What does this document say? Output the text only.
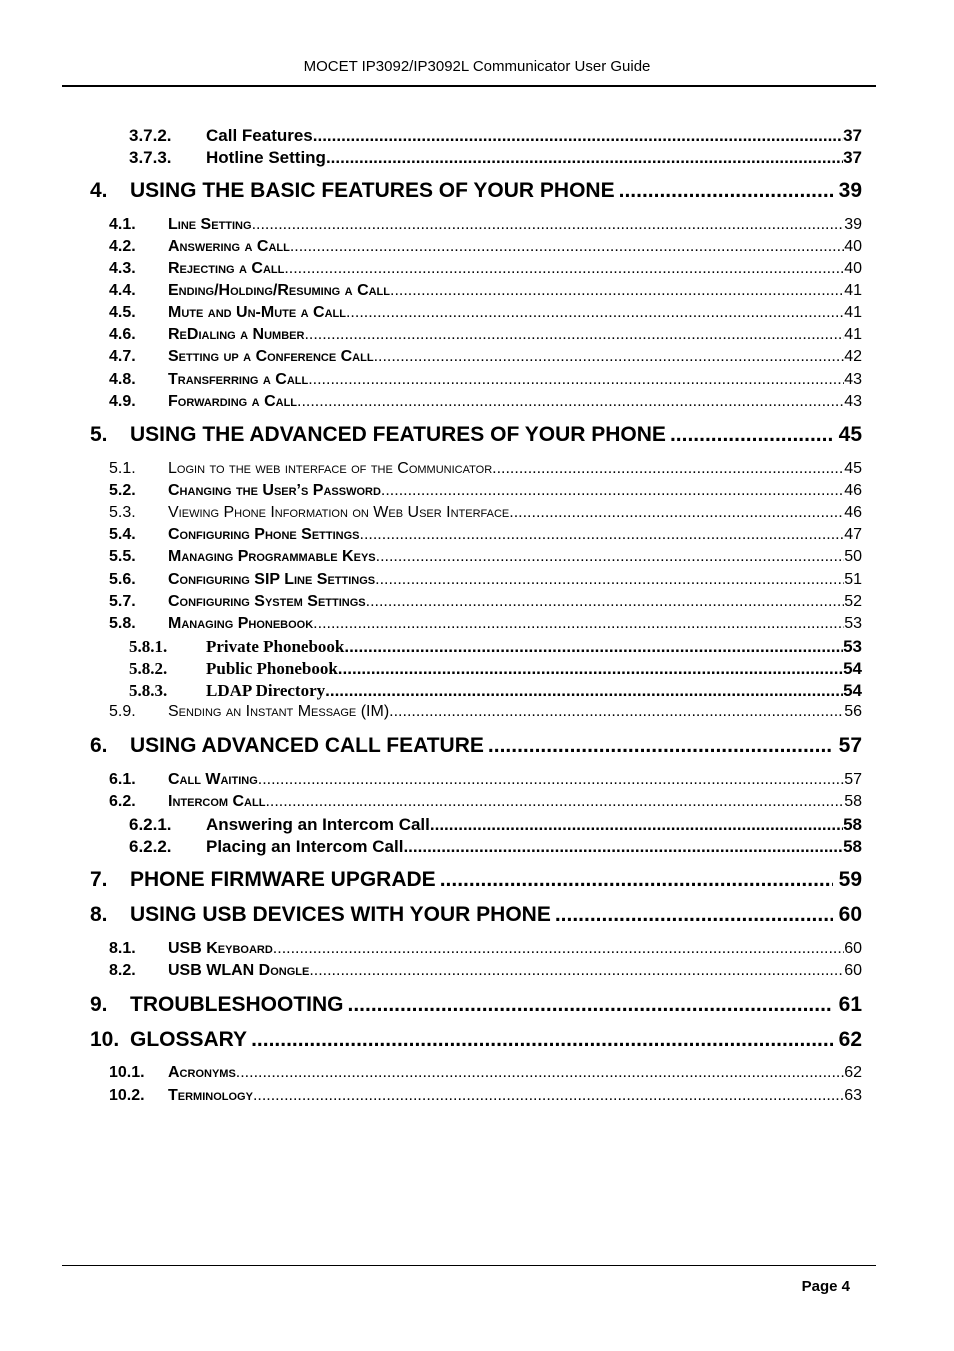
MOCET IP3092/IP3092L Communicator User Guide
3.7.2.	Call Features .....	37
3.7.3.	Hotline Setting .....	37
4.	USING THE BASIC FEATURES OF YOUR PHONE .....	39
4.1.	Line Setting .....	39
4.2.	Answering a Call .....	40
4.3.	Rejecting a Call .....	40
4.4.	Ending/Holding/Resuming a Call .....	41
4.5.	Mute and Un-Mute a Call .....	41
4.6.	ReDialing a Number .....	41
4.7.	Setting up a Conference Call .....	42
4.8.	Transferring a Call .....	43
4.9.	Forwarding a Call .....	43
5.	USING THE ADVANCED FEATURES OF YOUR PHONE .....	45
5.1.	Login to the web interface of the Communicator .....	45
5.2.	Changing the User’s Password .....	46
5.3.	Viewing Phone Information on Web User Interface .....	46
5.4.	Configuring Phone Settings .....	47
5.5.	Managing Programmable Keys .....	50
5.6.	Configuring SIP Line Settings .....	51
5.7.	Configuring System Settings .....	52
5.8.	Managing Phonebook .....	53
5.8.1.	Private Phonebook .....	53
5.8.2.	Public Phonebook .....	54
5.8.3.	LDAP Directory .....	54
5.9.	Sending an Instant Message (IM) .....	56
6.	USING ADVANCED CALL FEATURE .....	57
6.1.	Call Waiting .....	57
6.2.	Intercom Call .....	58
6.2.1.	Answering an Intercom Call .....	58
6.2.2.	Placing an Intercom Call .....	58
7.	PHONE FIRMWARE UPGRADE .....	59
8.	USING USB DEVICES WITH YOUR PHONE .....	60
8.1.	USB Keyboard .....	60
8.2.	USB WLAN Dongle .....	60
9.	TROUBLESHOOTING .....	61
10. GLOSSARY .....	62
10.1.	Acronyms .....	62
10.2.	Terminology .....	63
Page 4
